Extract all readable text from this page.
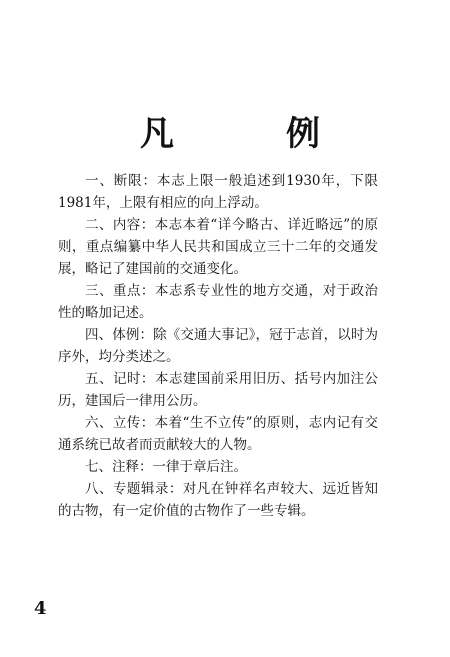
凡	例

一、断限：本志上限一般追述到1930年，下限1981年，上限有相应的向上浮动。

二、内容：本志本着“详今略古、详近略远”的原则，重点编纂中华人民共和国成立三十二年的交通发展，略记了建国前的交通变化。

三、重点：本志系专业性的地方交通，对于政治性的略加记述。

四、体例：除《交通大事记》，冠于志首，以时为序外，均分类述之。

五、记时：本志建国前采用旧历、括号内加注公历，建国后一律用公历。

六、立传：本着“生不立传”的原则，志内记有交通系统已故者而贡献较大的人物。

七、注释：一律于章后注。

八、专题辑录：对凡在钟祥名声较大、远近皆知的古物，有一定价值的古物作了一些专辑。

4
